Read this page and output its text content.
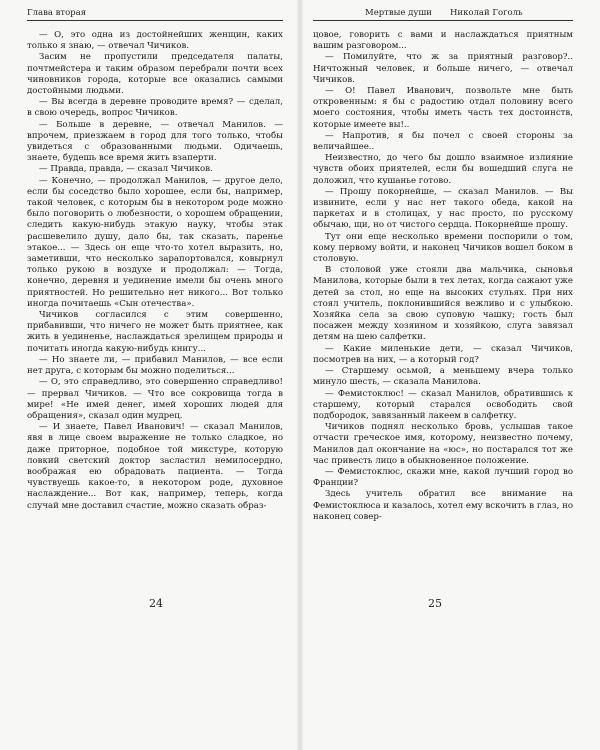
Глава вторая

— О, это одна из достойнейших женщин, каких только я знаю, — отвечал Чичиков.

Засим не пропустили председателя палаты, почтмейстера и таким образом перебрали почти всех чиновников города, которые все оказались самыми достойными людьми.

— Вы всегда в деревне проводите время? — сделал, в свою очередь, вопрос Чичиков.

— Больше в деревне, — отвечал Манилов. — впрочем, приезжаем в город для того только, чтобы увидеться с образованными людьми. Одичаешь, знаете, будешь все время жить взаперти.

— Правда, правда, — сказал Чичиков.

— Конечно, — продолжал Манилов, — другое дело, если бы соседство было хорошее, если бы, например, такой человек, с которым бы в некотором роде можно было поговорить о любезности, о хорошем обращении, следить какую-нибудь этакую науку, чтобы этак расшевелило душу, дало бы, так сказать, паренье этакое... — Здесь он еще что-то хотел выразить, но, заметивши, что несколько зарапортовался, ковырнул только рукою в воздухе и продолжал: — Тогда, конечно, деревня и уединение имели бы очень много приятностей. Но решительно нет никого... Вот только иногда почитаешь «Сын отечества».

Чичиков согласился с этим совершенно, прибавивши, что ничего не может быть приятнее, как жить в уединенье, наслаждаться зрелищем природы и почитать иногда какую-нибудь книгу...

— Но знаете ли, — прибавил Манилов, — все если нет друга, с которым бы можно поделиться...

— О, это справедливо, это совершенно справедливо! — прервал Чичиков. — Что все сокровища тогда в мире! «Не имей денег, имей хороших людей для обращения», сказал один мудрец.

— И знаете, Павел Иванович! — сказал Манилов, явя в лице своем выражение не только сладкое, но даже приторное, подобное той микстуре, которую ловкий светский доктор засластил немилосердно, воображая ею обрадовать пациента. — Тогда чувствуешь какое-то, в некотором роде, духовное наслаждение... Вот как, например, теперь, когда случай мне доставил счастие, можно сказать образ-

24
Мертвые души Николай Гоголь

цовое, говорить с вами и наслаждаться приятным вашим разговором...

— Помилуйте, что ж за приятный разговор?.. Ничтожный человек, и больше ничего, — отвечал Чичиков.

— О! Павел Иванович, позвольте мне быть откровенным: я бы с радостию отдал половину всего моего состояния, чтобы иметь часть тех достоинств, которые имеете вы!..

— Напротив, я бы почел с своей стороны за величайшее..

Неизвестно, до чего бы дошло взаимное излияние чувств обоих приятелей, если бы вошедший слуга не доложил, что кушанье готово.

— Прошу покорнейше, — сказал Манилов. — Вы извините, если у нас нет такого обеда, какой на паркетах и в столицах, у нас просто, по русскому обычаю, щи, но от чистого сердца. Покорнейше прошу.

Тут они еще несколько времени поспорили о том, кому первому войти, и наконец Чичиков вошел боком в столовую.

В столовой уже стояли два мальчика, сыновья Манилова, которые были в тех летах, когда сажают уже детей за стол, но еще на высоких стульях. При них стоял учитель, поклонившийся вежливо и с улыбкою. Хозяйка села за свою суповую чашку; гость был посажен между хозяином и хозяйкою, слуга завязал детям на шею салфетки.

— Какие миленькие дети, — сказал Чичиков, посмотрев на них, — а который год?

— Старшему осьмой, а меньшему вчера только минуло шесть, — сказала Манилова.

— Фемистоклюс! — сказал Манилов, обратившись к старшему, который старался освободить свой подбородок, завязанный лакеем в салфетку.

Чичиков поднял несколько бровь, услышав такое отчасти греческое имя, которому, неизвестно почему, Манилов дал окончание на «юс», но постарался тот же час привесть лицо в обыкновенное положение.

— Фемистоклюс, скажи мне, какой лучший город во Франции?

Здесь учитель обратил все внимание на Фемистоклюса и казалось, хотел ему вскочить в глаз, но наконец совер-

25
